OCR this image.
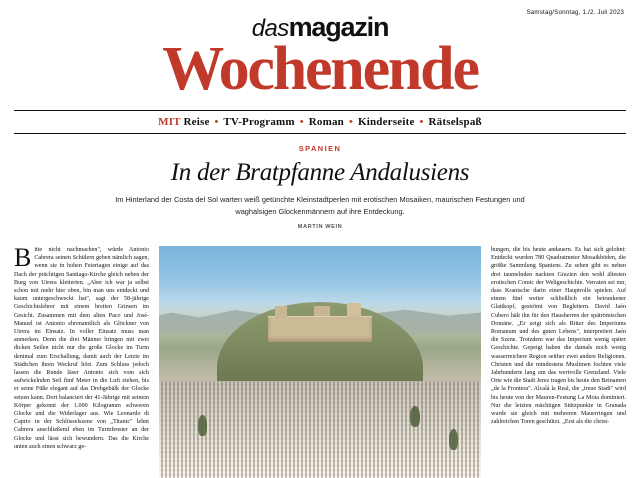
Samstag/Sonntag, 1./2. Juli 2023
dasmagazin
Wochenende
MIT Reise • TV-Programm • Roman • Kinderseite • Rätselspaß
SPANIEN
In der Bratpfanne Andalusiens
Im Hinterland der Costa del Sol warten weiß getünchte Kleinstadtperlen mit erotischen Mosaiken, maurischen Festungen und waghalsigen Glockenmännern auf ihre Entdeckung.
MARTIN WEIN

Bitte nicht nachmachen", würde Antonio Cabrera seinen Schülern geben nämlich sagen, wenn sie in hohen Feiertagen einige auf das Dach der prächtigen Santiago-Kirche gleich neben der Burg von Utrera kletterten. „Aber ich war ja selbst schon mit mehr hier oben, bin man uns entdeckt und kaum untergeschweckt hat", sagt der 58-jährige Geschichtslehrer mit einem breiten Grinsen im Gesicht. Zusammen mit dem alten Paco und José-Manuel ist Antonio ehrenamtlich als Glöckner von Utrera im Einsatz. In voller Einsatz muss man anmerken. Denn die drei Männer bringen mit zwei dicken Seilen nicht nur die große Glocke im Turm denimal zum Erschallung, damit auch der Letzte im Städtchen ihren Weckruf hört. Zum Schluss jedoch lassen die Runde läser Antonio sich vom sich aufwickelnden Seil fünf Meter in die Luft ziehen, bis er seine Füße elegant auf das Drehgebälk der Glocke setzen kann. Dort balanciert der 41-Jährige mit seinem Körper gekonnt der 1.000 Kilogramm schweren Glocke und die Widerlager aus. Wie Leonardo di Caprio in der Schlüsselszene von „Titanic" lehnt Cabrera anschließend eben im Turmfenster an der Glocke und lässt sich bewundern. Das die Kirche unten auch einen schwarz ge-

bungen, die bis heute andauern. Es hat sich gelohnt: Entdeckt wurden 780 Quadratmeter Mosaikböden, die größte Sammlung Spaniens. Zu sehen gibt es neben drei taumelnden nackten Grazien den wohl ältesten erotischen Comic der Weltgeschichte. Verraten sei nur, dass Kranische darin einer Hauptrolle spielen. Auf einem fünf weiter schließlich ein betrunkener Glattkopf, geströmt von Begleitern. David Jaén Cubero hält ihn für den Hausherren der spätrömischen Domäne. „Er zeigt sich als Ritter des Imperiums Romanum und des guten Lebens", interpretiert Jaén die Szene. Trotzdem war das Imperium wenig später Geschichte. Gepeigt haben die damals noch wenig wasserreichere Region seither zwei andere Religionen. Christen und die mindestens Muslimen fochten viele Jahrhunderte lang um das wertvolle Grenzland. Viele Orte wie die Stadt Jerez tragen bis heute den Beinamen „de la Frontera". Alcalá la Real, die „treue Stadt" wird bis heute von der Mauren-Festung La Mota dominiert. Nur die letzten mächtigen Stützpunkte in Granada wurde sie gleich mit mehreren Mauerringen und zahlreichen Toren geschützt. „Erst als die christ-
